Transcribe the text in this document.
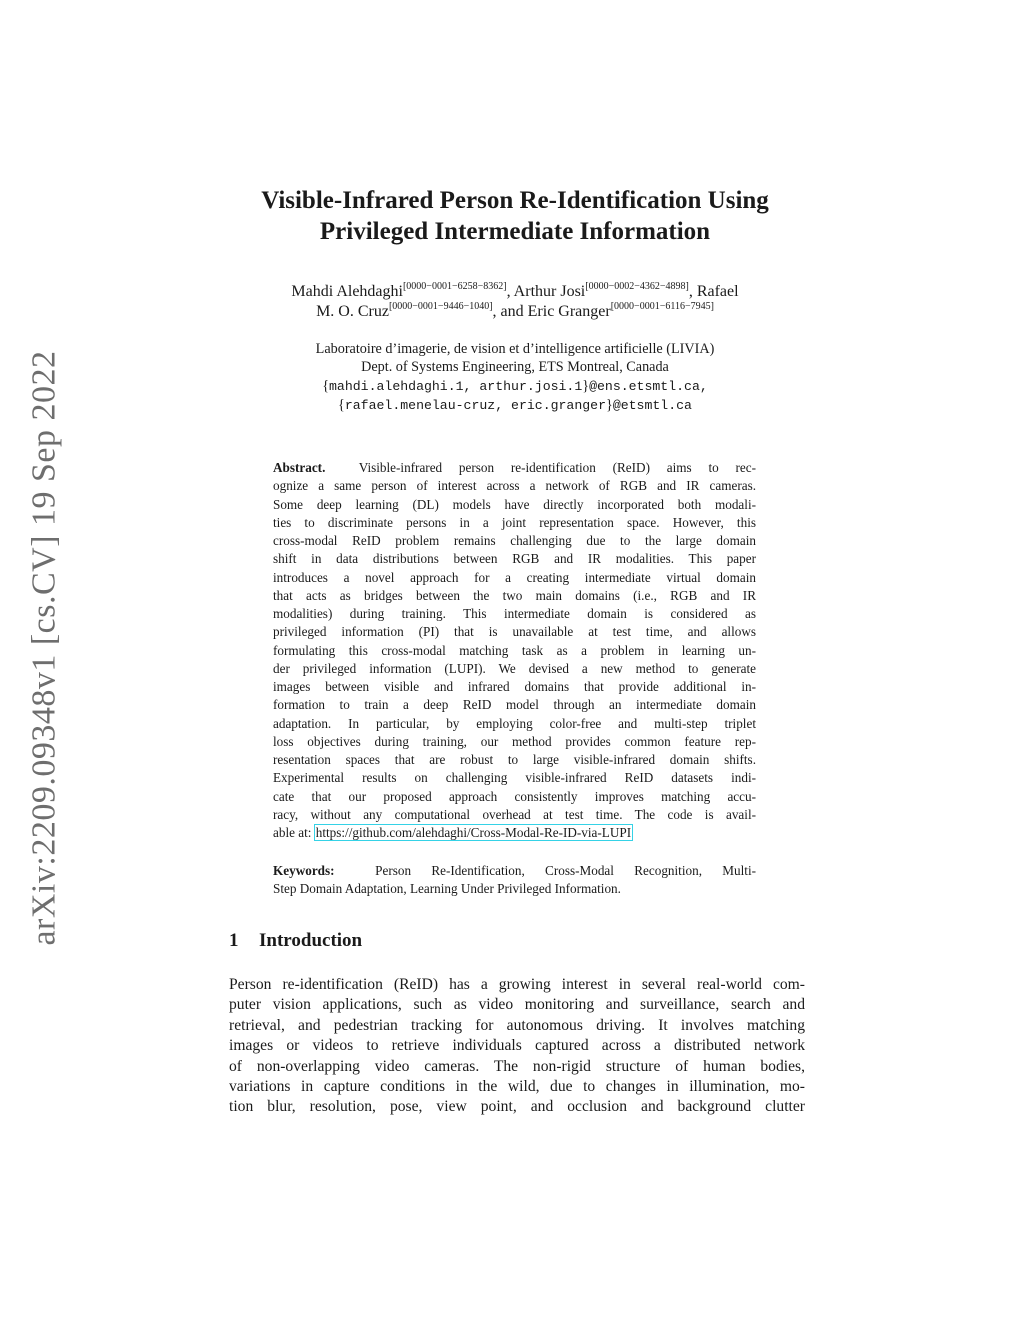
arXiv:2209.09348v1 [cs.CV] 19 Sep 2022
Visible-Infrared Person Re-Identification Using
Privileged Intermediate Information
Mahdi Alehdaghi[0000−0001−6258−8362], Arthur Josi[0000−0002−4362−4898], Rafael
M. O. Cruz[0000−0001−9446−1040], and Eric Granger[0000−0001−6116−7945]
Laboratoire d’imagerie, de vision et d’intelligence artificielle (LIVIA)
Dept. of Systems Engineering, ETS Montreal, Canada
{mahdi.alehdaghi.1, arthur.josi.1}@ens.etsmtl.ca,
{rafael.menelau-cruz, eric.granger}@etsmtl.ca
Abstract.	Visible-infrared person re-identification (ReID) aims to rec-
ognize a same person of interest across a network of RGB and IR cameras.
Some deep learning (DL) models have directly incorporated both modali-
ties to discriminate persons in a joint representation space. However, this
cross-modal ReID problem remains challenging due to the large domain
shift in data distributions between RGB and IR modalities. This paper
introduces a novel approach for a creating intermediate virtual domain
that acts as bridges between the two main domains (i.e., RGB and IR
modalities) during training. This intermediate domain is considered as
privileged information (PI) that is unavailable at test time, and allows
formulating this cross-modal matching task as a problem in learning un-
der privileged information (LUPI). We devised a new method to generate
images between visible and infrared domains that provide additional in-
formation to train a deep ReID model through an intermediate domain
adaptation. In particular, by employing color-free and multi-step triplet
loss objectives during training, our method provides common feature rep-
resentation spaces that are robust to large visible-infrared domain shifts.
Experimental results on challenging visible-infrared ReID datasets indi-
cate that our proposed approach consistently improves matching accu-
racy, without any computational overhead at test time. The code is avail-
able at: https://github.com/alehdaghi/Cross-Modal-Re-ID-via-LUPI
Keywords:	Person Re-Identification, Cross-Modal Recognition, Multi-
Step Domain Adaptation, Learning Under Privileged Information.
1 Introduction
Person re-identification (ReID) has a growing interest in several real-world com-
puter vision applications, such as video monitoring and surveillance, search and
retrieval, and pedestrian tracking for autonomous driving. It involves matching
images or videos to retrieve individuals captured across a distributed network
of non-overlapping video cameras. The non-rigid structure of human bodies,
variations in capture conditions in the wild, due to changes in illumination, mo-
tion blur, resolution, pose, view point, and occlusion and background clutter
